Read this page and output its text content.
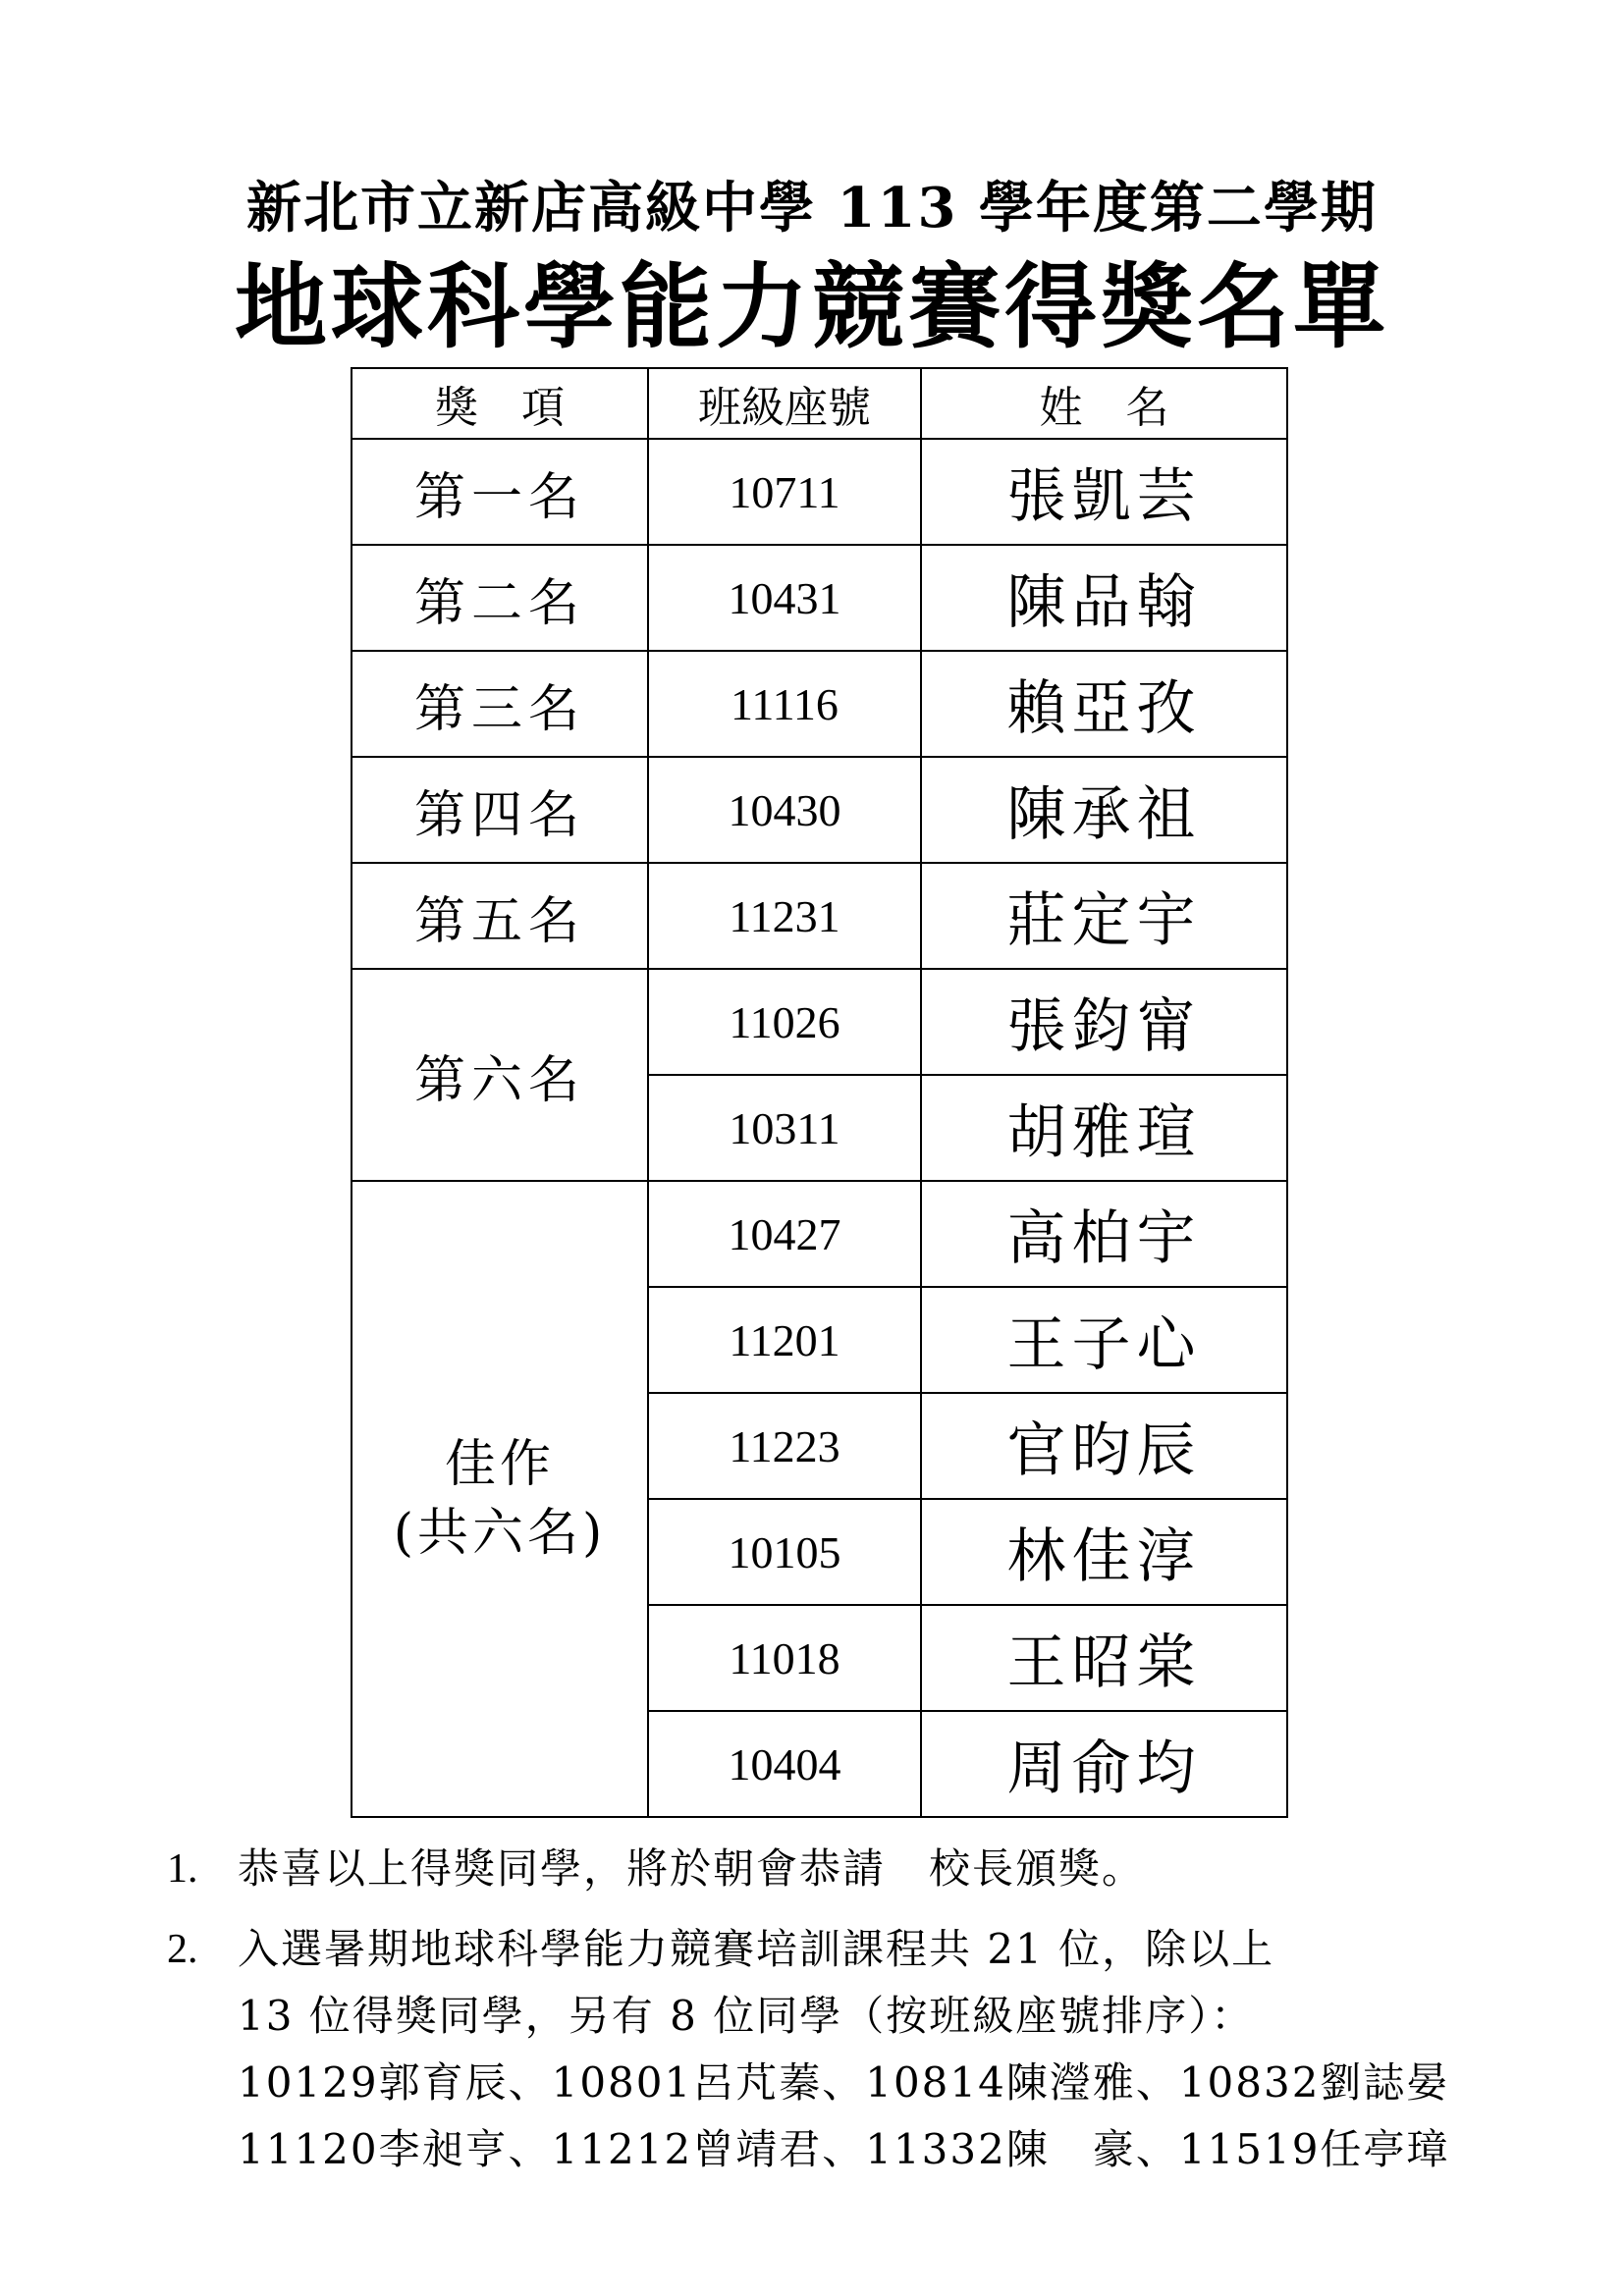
新北市立新店高級中學 113 學年度第二學期
地球科學能力競賽得獎名單
獎　項	班級座號	姓　名
第一名	10711	張凱芸
第二名	10431	陳品翰
第三名	11116	賴亞孜
第四名	10430	陳承祖
第五名	11231	莊定宇
第六名	11026	張鈞甯
	10311	胡雅瑄

佳作
(共六名)	10427	高柏宇
	11201	王子心
	11223	官昀辰
	10105	林佳淳
	11018	王昭棠
	10404	周俞均
1. 恭喜以上得獎同學，將於朝會恭請　校長頒獎。
2. 入選暑期地球科學能力競賽培訓課程共 21 位，除以上
13 位得獎同學，另有 8 位同學（按班級座號排序）：
10129郭育辰、10801呂芃蓁、10814陳瀅雅、10832劉誌晏
11120李昶亨、11212曾靖君、11332陳　豪、11519任亭璋
